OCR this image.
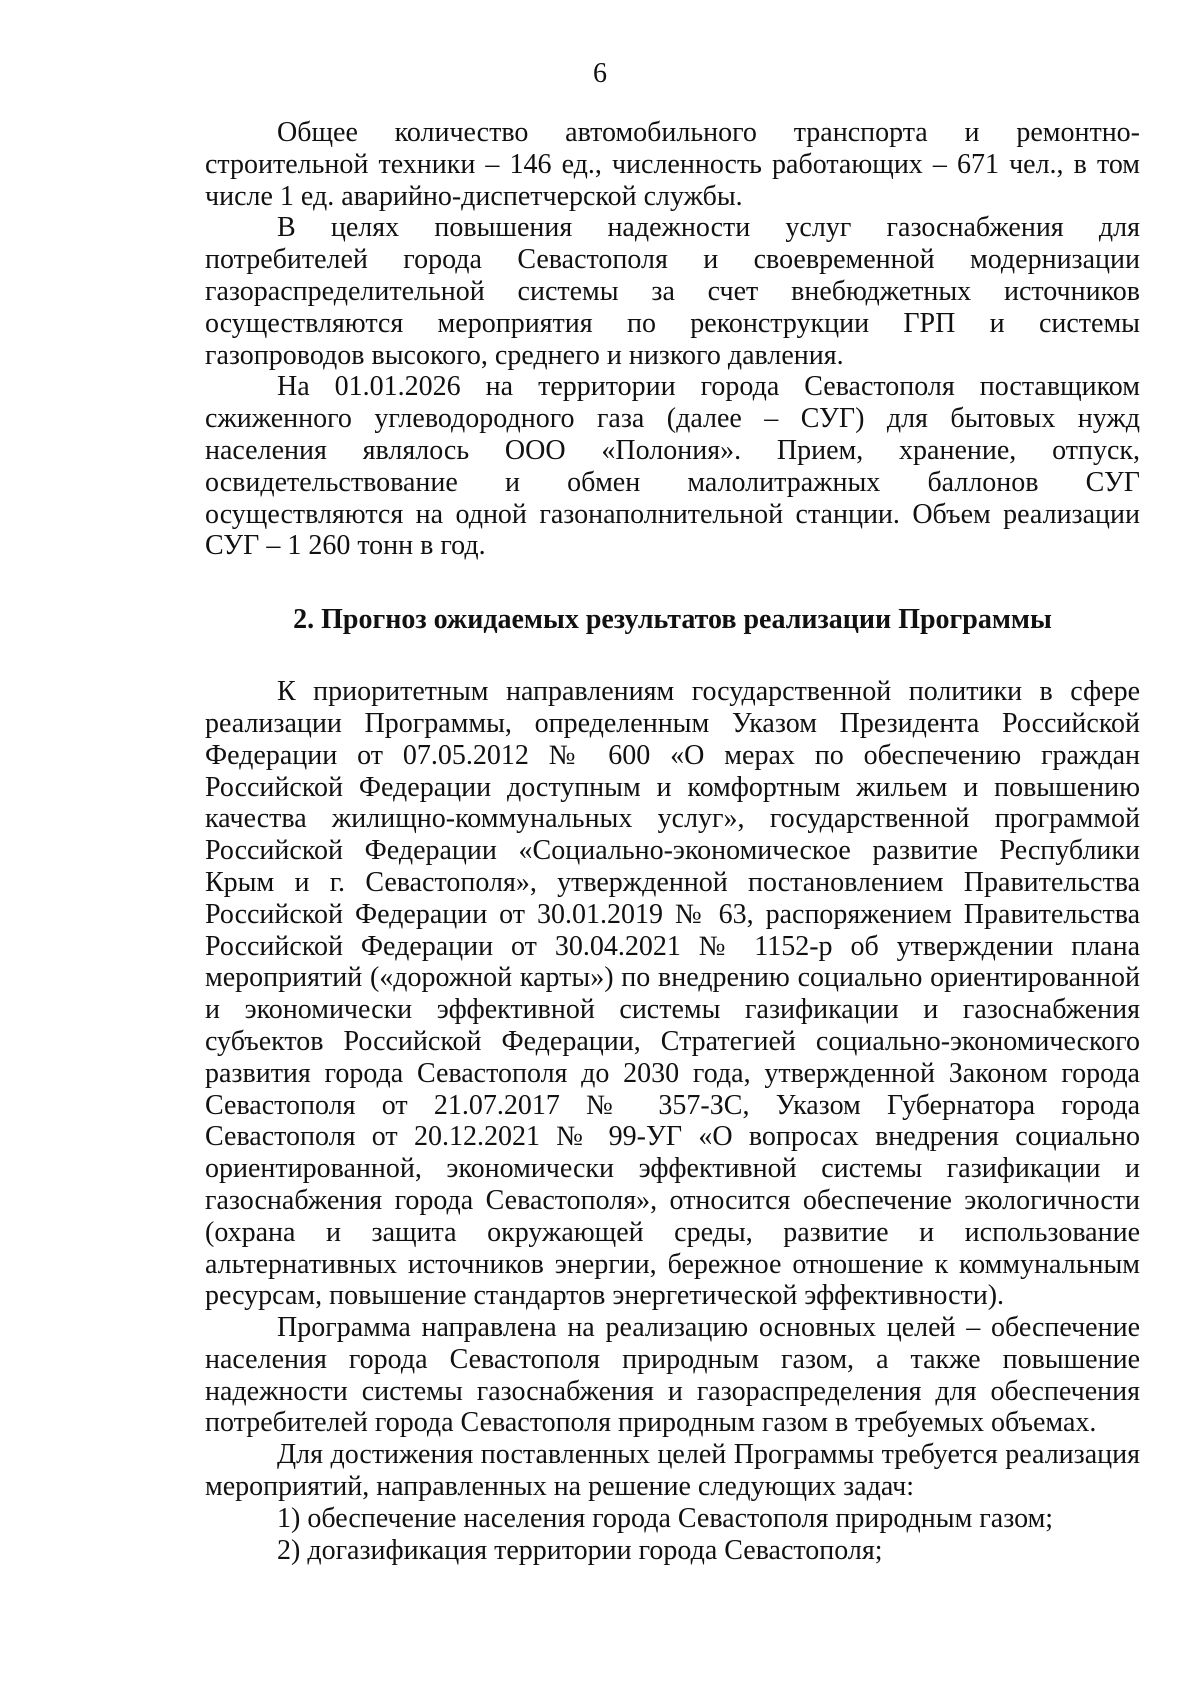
6

Общее количество автомобильного транспорта и ремонтно-строительной техники – 146 ед., численность работающих – 671 чел., в том числе 1 ед. аварийно-диспетчерской службы.

В целях повышения надежности услуг газоснабжения для потребителей города Севастополя и своевременной модернизации газораспределительной системы за счет внебюджетных источников осуществляются мероприятия по реконструкции ГРП и системы газопроводов высокого, среднего и низкого давления.

На 01.01.2026 на территории города Севастополя поставщиком сжиженного углеводородного газа (далее – СУГ) для бытовых нужд населения являлось ООО «Полония». Прием, хранение, отпуск, освидетельствование и обмен малолитражных баллонов СУГ осуществляются на одной газонаполнительной станции. Объем реализации СУГ – 1 260 тонн в год.

2. Прогноз ожидаемых результатов реализации Программы

К приоритетным направлениям государственной политики в сфере реализации Программы, определенным Указом Президента Российской Федерации от 07.05.2012 № 600 «О мерах по обеспечению граждан Российской Федерации доступным и комфортным жильем и повышению качества жилищно-коммунальных услуг», государственной программой Российской Федерации «Социально-экономическое развитие Республики Крым и г. Севастополя», утвержденной постановлением Правительства Российской Федерации от 30.01.2019 № 63, распоряжением Правительства Российской Федерации от 30.04.2021 № 1152-р об утверждении плана мероприятий («дорожной карты») по внедрению социально ориентированной и экономически эффективной системы газификации и газоснабжения субъектов Российской Федерации, Стратегией социально-экономического развития города Севастополя до 2030 года, утвержденной Законом города Севастополя от 21.07.2017 № 357-ЗС, Указом Губернатора города Севастополя от 20.12.2021 № 99-УГ «О вопросах внедрения социально ориентированной, экономически эффективной системы газификации и газоснабжения города Севастополя», относится обеспечение экологичности (охрана и защита окружающей среды, развитие и использование альтернативных источников энергии, бережное отношение к коммунальным ресурсам, повышение стандартов энергетической эффективности).

Программа направлена на реализацию основных целей – обеспечение населения города Севастополя природным газом, а также повышение надежности системы газоснабжения и газораспределения для обеспечения потребителей города Севастополя природным газом в требуемых объемах.

Для достижения поставленных целей Программы требуется реализация мероприятий, направленных на решение следующих задач:

1) обеспечение населения города Севастополя природным газом;

2) догазификация территории города Севастополя;
